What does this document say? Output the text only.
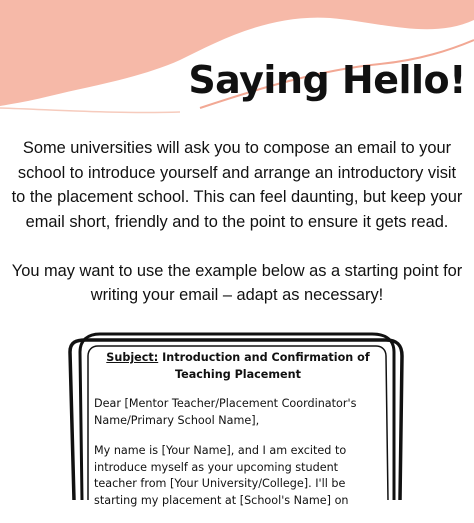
Saying Hello!

Some universities will ask you to compose an email to your school to introduce yourself and arrange an introductory visit to the placement school. This can feel daunting, but keep your email short, friendly and to the point to ensure it gets read.

You may want to use the example below as a starting point for writing your email – adapt as necessary!

Subject: Introduction and Confirmation of Teaching Placement

Dear [Mentor Teacher/Placement Coordinator's Name/Primary School Name],

My name is [Your Name], and I am excited to introduce myself as your upcoming student teacher from [Your University/College]. I'll be starting my placement at [School's Name] on
